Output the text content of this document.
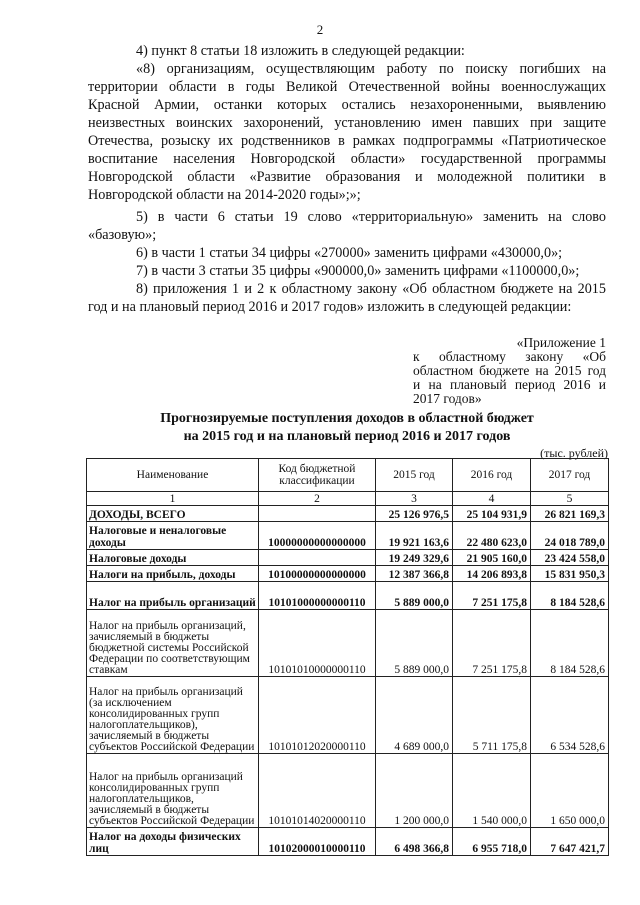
2

4) пункт 8 статьи 18 изложить в следующей редакции:

«8) организациям, осуществляющим работу по поиску погибших на территории области в годы Великой Отечественной войны военнослужащих Красной Армии, останки которых остались незахороненными, выявлению неизвестных воинских захоронений, установлению имен павших при защите Отечества, розыску их родственников в рамках подпрограммы «Патриотическое воспитание населения Новгородской области» государственной программы Новгородской области «Развитие образования и молодежной политики в Новгородской области на 2014-2020 годы»;»;

5) в части 6 статьи 19 слово «территориальную» заменить на слово

«базовую»;

6) в части 1 статьи 34 цифры «270000» заменить цифрами «430000,0»;

7) в части 3 статьи 35 цифры «900000,0» заменить цифрами «1100000,0»;

8) приложения 1 и 2 к областному закону «Об областном бюджете на 2015 год и на плановый период 2016 и 2017 годов» изложить в следующей редакции:

«Приложение 1
к областному закону «Об областном бюджете на 2015 год и на плановый период 2016 и 2017 годов»
Прогнозируемые поступления доходов в областной бюджет
на 2015 год и на плановый период 2016 и 2017 годов
(тыс. рублей)
Наименование	Код бюджетной классификации	2015 год	2016 год	2017 год
1	2	3	4	5
ДОХОДЫ, ВСЕГО		25 126 976,5	25 104 931,9	26 821 169,3
Налоговые и неналоговые доходы	10000000000000000	19 921 163,6	22 480 623,0	24 018 789,0
Налоговые доходы		19 249 329,6	21 905 160,0	23 424 558,0
Налоги на прибыль, доходы	10100000000000000	12 387 366,8	14 206 893,8	15 831 950,3
Налог на прибыль организаций	10101000000000110	5 889 000,0	7 251 175,8	8 184 528,6
Налог на прибыль организаций, зачисляемый в бюджеты бюджетной системы Российской Федерации по соответствующим ставкам	10101010000000110	5 889 000,0	7 251 175,8	8 184 528,6
Налог на прибыль организаций (за исключением консолидированных групп налогоплательщиков), зачисляемый в бюджеты субъектов Российской Федерации	10101012020000110	4 689 000,0	5 711 175,8	6 534 528,6
Налог на прибыль организаций консолидированных групп налогоплательщиков, зачисляемый в бюджеты субъектов Российской Федерации	10101014020000110	1 200 000,0	1 540 000,0	1 650 000,0
Налог на доходы физических лиц	10102000010000110	6 498 366,8	6 955 718,0	7 647 421,7
